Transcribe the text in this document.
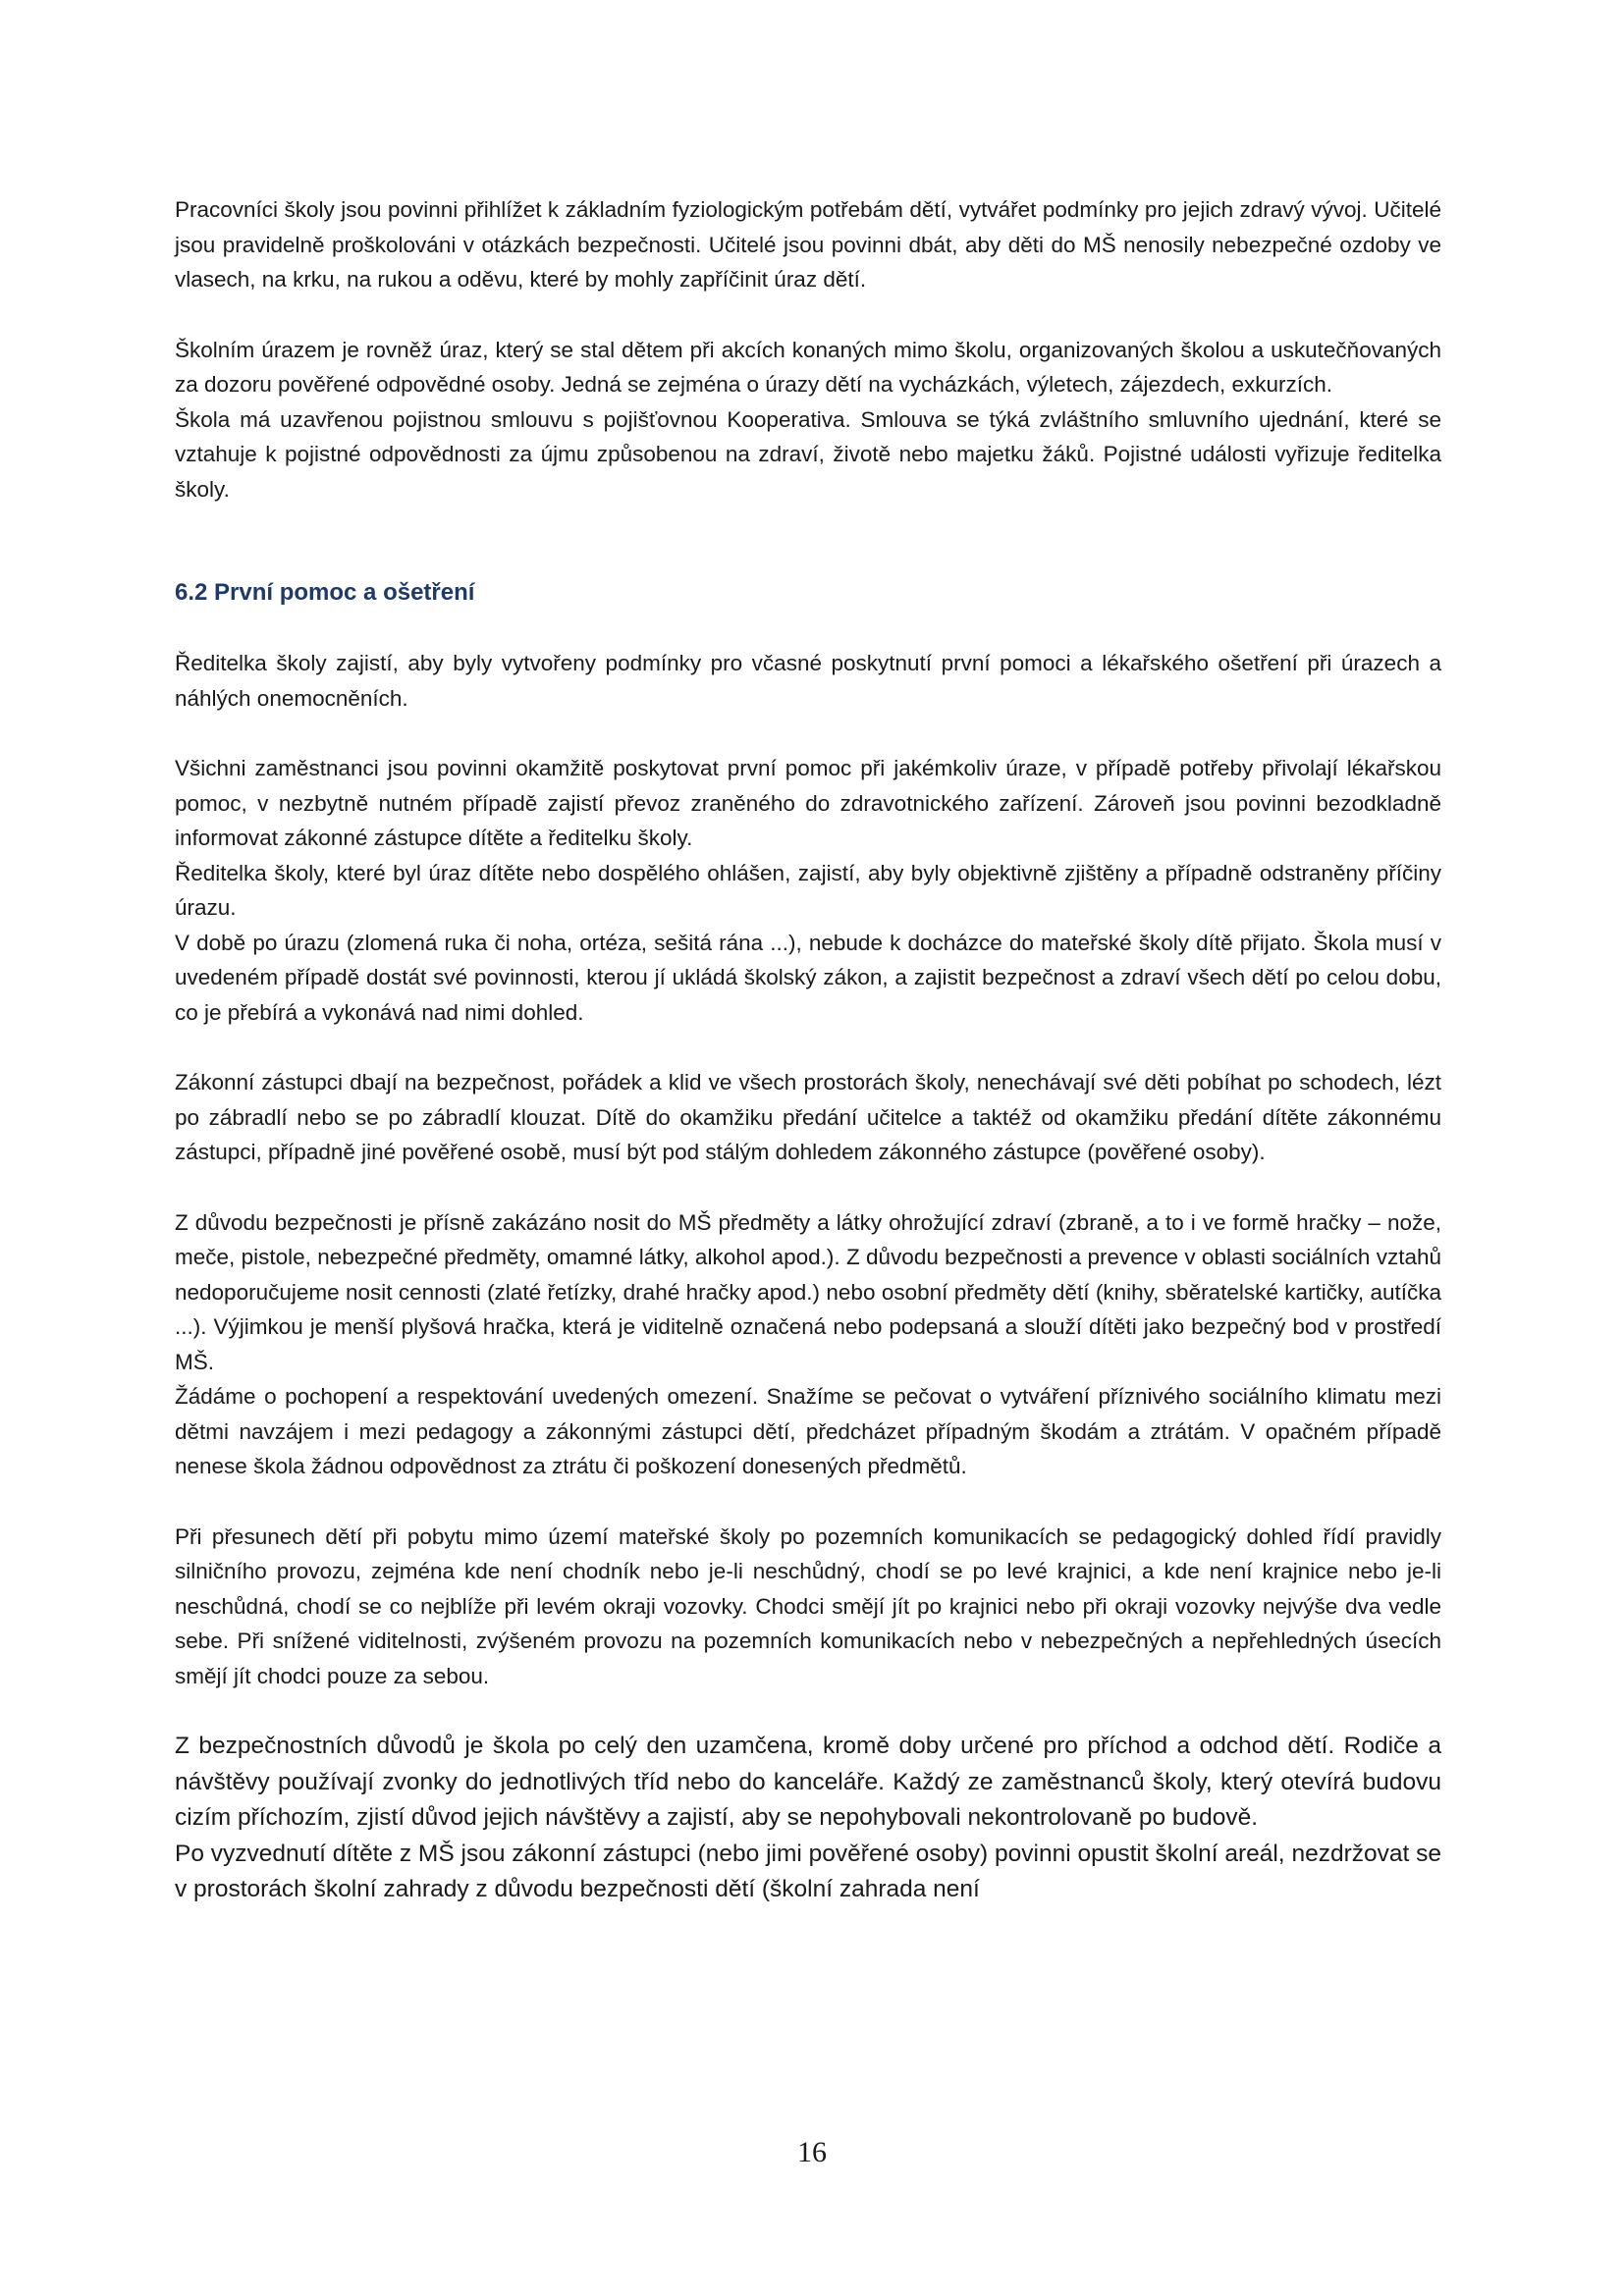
Pracovníci školy jsou povinni přihlížet k základním fyziologickým potřebám dětí, vytvářet podmínky pro jejich zdravý vývoj. Učitelé jsou pravidelně proškolováni v otázkách bezpečnosti. Učitelé jsou povinni dbát, aby děti do MŠ nenosily nebezpečné ozdoby ve vlasech, na krku, na rukou a oděvu, které by mohly zapříčinit úraz dětí.

Školním úrazem je rovněž úraz, který se stal dětem při akcích konaných mimo školu, organizovaných školou a uskutečňovaných za dozoru pověřené odpovědné osoby. Jedná se zejména o úrazy dětí na vycházkách, výletech, zájezdech, exkurzích.

Škola má uzavřenou pojistnou smlouvu s pojišťovnou Kooperativa. Smlouva se týká zvláštního smluvního ujednání, které se vztahuje k pojistné odpovědnosti za újmu způsobenou na zdraví, životě nebo majetku žáků. Pojistné události vyřizuje ředitelka školy.

6.2 První pomoc a ošetření

Ředitelka školy zajistí, aby byly vytvořeny podmínky pro včasné poskytnutí první pomoci a lékařského ošetření při úrazech a náhlých onemocněních.

Všichni zaměstnanci jsou povinni okamžitě poskytovat první pomoc při jakémkoliv úraze, v případě potřeby přivolají lékařskou pomoc, v nezbytně nutném případě zajistí převoz zraněného do zdravotnického zařízení. Zároveň jsou povinni bezodkladně informovat zákonné zástupce dítěte a ředitelku školy.

Ředitelka školy, které byl úraz dítěte nebo dospělého ohlášen, zajistí, aby byly objektivně zjištěny a případně odstraněny příčiny úrazu.

V době po úrazu (zlomená ruka či noha, ortéza, sešitá rána ...), nebude k docházce do mateřské školy dítě přijato. Škola musí v uvedeném případě dostát své povinnosti, kterou jí ukládá školský zákon, a zajistit bezpečnost a zdraví všech dětí po celou dobu, co je přebírá a vykonává nad nimi dohled.

Zákonní zástupci dbají na bezpečnost, pořádek a klid ve všech prostorách školy, nenechávají své děti pobíhat po schodech, lézt po zábradlí nebo se po zábradlí klouzat. Dítě do okamžiku předání učitelce a taktéž od okamžiku předání dítěte zákonnému zástupci, případně jiné pověřené osobě, musí být pod stálým dohledem zákonného zástupce (pověřené osoby).

Z důvodu bezpečnosti je přísně zakázáno nosit do MŠ předměty a látky ohrožující zdraví (zbraně, a to i ve formě hračky – nože, meče, pistole, nebezpečné předměty, omamné látky, alkohol apod.). Z důvodu bezpečnosti a prevence v oblasti sociálních vztahů nedoporučujeme nosit cennosti (zlaté řetízky, drahé hračky apod.) nebo osobní předměty dětí (knihy, sběratelské kartičky, autíčka ...). Výjimkou je menší plyšová hračka, která je viditelně označená nebo podepsaná a slouží dítěti jako bezpečný bod v prostředí MŠ.

Žádáme o pochopení a respektování uvedených omezení. Snažíme se pečovat o vytváření příznivého sociálního klimatu mezi dětmi navzájem i mezi pedagogy a zákonnými zástupci dětí, předcházet případným škodám a ztrátám. V opačném případě nenese škola žádnou odpovědnost za ztrátu či poškození donesených předmětů.

Při přesunech dětí při pobytu mimo území mateřské školy po pozemních komunikacích se pedagogický dohled řídí pravidly silničního provozu, zejména kde není chodník nebo je-li neschůdný, chodí se po levé krajnici, a kde není krajnice nebo je-li neschůdná, chodí se co nejblíže při levém okraji vozovky. Chodci smějí jít po krajnici nebo při okraji vozovky nejvýše dva vedle sebe. Při snížené viditelnosti, zvýšeném provozu na pozemních komunikacích nebo v nebezpečných a nepřehledných úsecích smějí jít chodci pouze za sebou.

Z bezpečnostních důvodů je škola po celý den uzamčena, kromě doby určené pro příchod a odchod dětí. Rodiče a návštěvy používají zvonky do jednotlivých tříd nebo do kanceláře. Každý ze zaměstnanců školy, který otevírá budovu cizím příchozím, zjistí důvod jejich návštěvy a zajistí, aby se nepohybovali nekontrolovaně po budově.

Po vyzvednutí dítěte z MŠ jsou zákonní zástupci (nebo jimi pověřené osoby) povinni opustit školní areál, nezdržovat se v prostorách školní zahrady z důvodu bezpečnosti dětí (školní zahrada není

16
